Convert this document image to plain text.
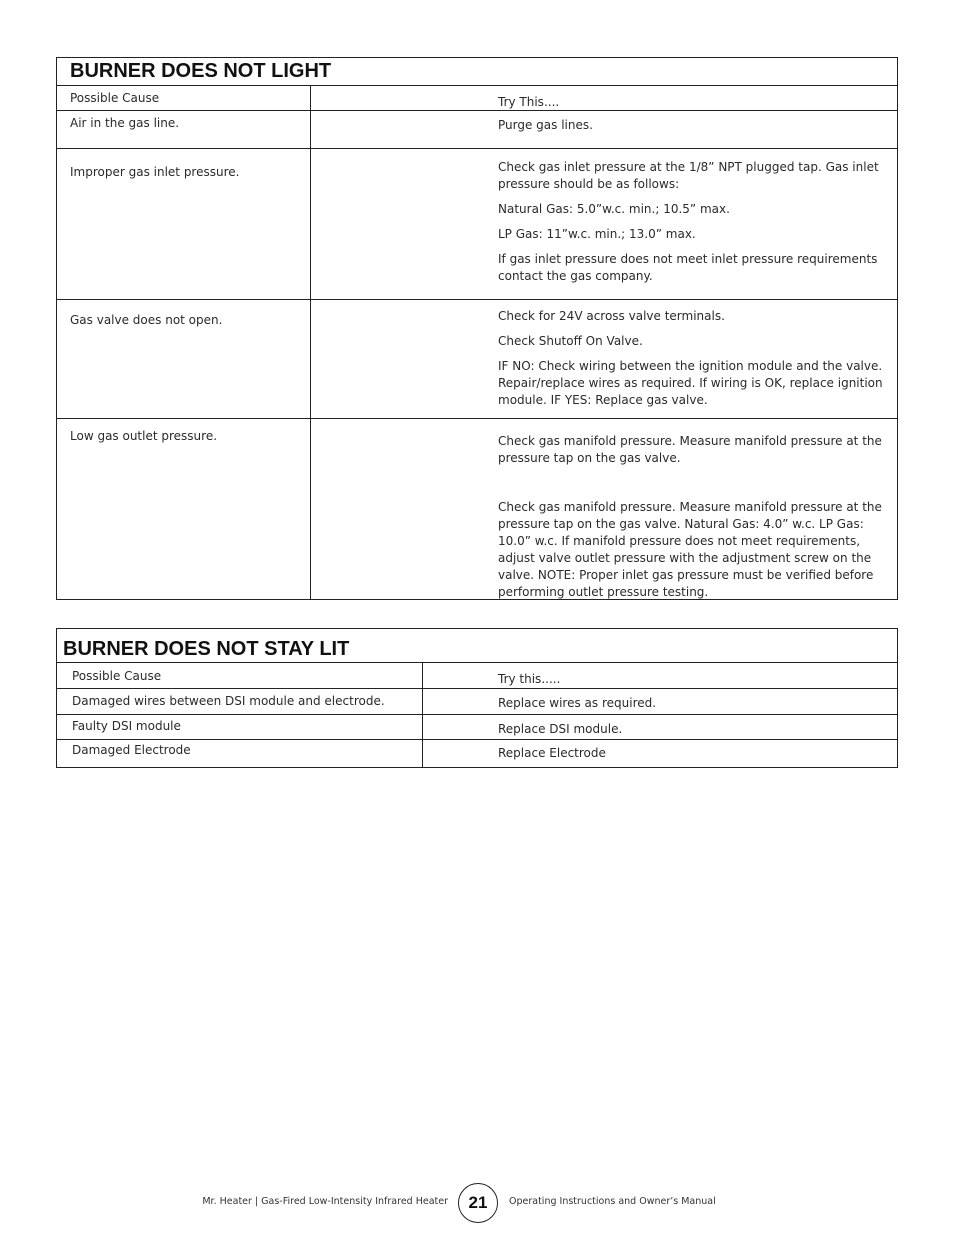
BURNER DOES NOT LIGHT
Possible Cause	Try This....
Air in the gas line.	Purge gas lines.

Improper gas inlet pressure.	Check gas inlet pressure at the 1/8” NPT plugged tap. Gas inlet pressure should be as follows:

Natural Gas: 5.0”w.c. min.; 10.5” max.

LP Gas: 11”w.c. min.; 13.0” max.

If gas inlet pressure does not meet inlet pressure requirements contact the gas company.

Gas valve does not open.	Check for 24V across valve terminals.

Check Shutoff On Valve.

IF NO: Check wiring between the ignition module and the valve. Repair/replace wires as required. If wiring is OK, replace ignition module. IF YES: Replace gas valve.

Low gas outlet pressure.	Check gas manifold pressure. Measure manifold pressure at the pressure tap on the gas valve.

Check gas manifold pressure. Measure manifold pressure at the pressure tap on the gas valve. Natural Gas: 4.0” w.c. LP Gas: 10.0” w.c. If manifold pressure does not meet requirements, adjust valve outlet pressure with the adjustment screw on the valve. NOTE: Proper inlet gas pressure must be verified before performing outlet pressure testing.

BURNER DOES NOT STAY LIT
Possible Cause	Try this.....
Damaged wires between DSI module and electrode.	Replace wires as required.
Faulty DSI module	Replace DSI module.
Damaged Electrode	Replace Electrode
Mr. Heater | Gas-Fired Low-Intensity Infrared Heater	21	Operating Instructions and Owner’s Manual
